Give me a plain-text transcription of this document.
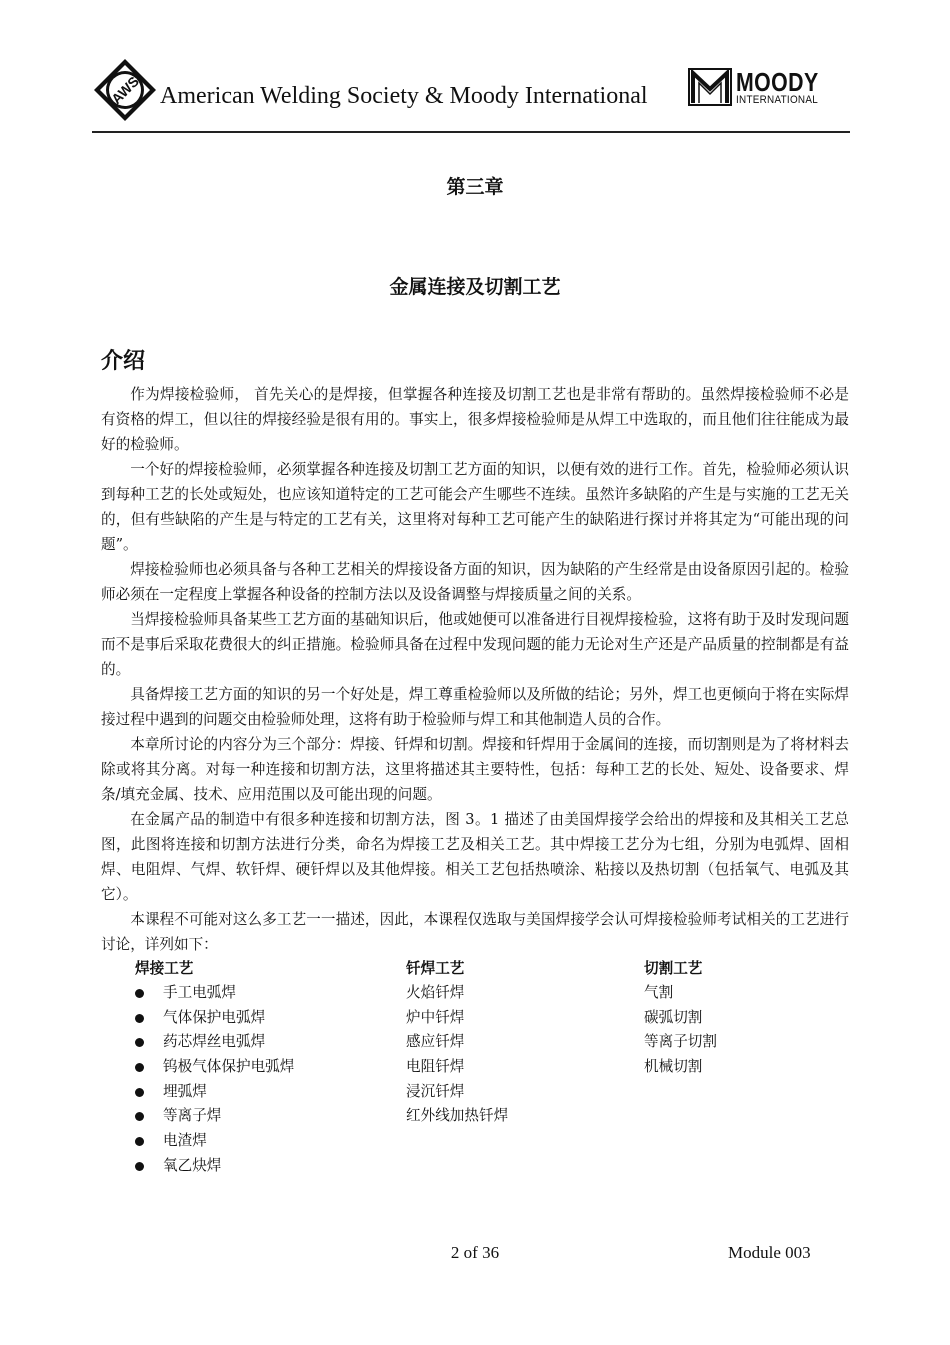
AWS American Welding Society & Moody International	MOODY
INTERNATIONAL
第三章
金属连接及切割工艺
介绍

作为焊接检验师， 首先关心的是焊接，但掌握各种连接及切割工艺也是非常有帮助的。虽然焊接检验师不必是有资格的焊工，但以往的焊接经验是很有用的。事实上，很多焊接检验师是从焊工中选取的，而且他们往往能成为最好的检验师。

一个好的焊接检验师，必须掌握各种连接及切割工艺方面的知识，以便有效的进行工作。首先，检验师必须认识到每种工艺的长处或短处，也应该知道特定的工艺可能会产生哪些不连续。虽然许多缺陷的产生是与实施的工艺无关的，但有些缺陷的产生是与特定的工艺有关，这里将对每种工艺可能产生的缺陷进行探讨并将其定为“可能出现的问题”。

焊接检验师也必须具备与各种工艺相关的焊接设备方面的知识，因为缺陷的产生经常是由设备原因引起的。检验师必须在一定程度上掌握各种设备的控制方法以及设备调整与焊接质量之间的关系。

当焊接检验师具备某些工艺方面的基础知识后，他或她便可以准备进行目视焊接检验，这将有助于及时发现问题而不是事后采取花费很大的纠正措施。检验师具备在过程中发现问题的能力无论对生产还是产品质量的控制都是有益的。

具备焊接工艺方面的知识的另一个好处是，焊工尊重检验师以及所做的结论；另外，焊工也更倾向于将在实际焊接过程中遇到的问题交由检验师处理，这将有助于检验师与焊工和其他制造人员的合作。

本章所讨论的内容分为三个部分：焊接、钎焊和切割。焊接和钎焊用于金属间的连接，而切割则是为了将材料去除或将其分离。对每一种连接和切割方法，这里将描述其主要特性，包括：每种工艺的长处、短处、设备要求、焊条/填充金属、技术、应用范围以及可能出现的问题。

在金属产品的制造中有很多种连接和切割方法，图 3。1 描述了由美国焊接学会给出的焊接和及其相关工艺总图，此图将连接和切割方法进行分类，命名为焊接工艺及相关工艺。其中焊接工艺分为七组，分别为电弧焊、固相焊、电阻焊、气焊、软钎焊、硬钎焊以及其他焊接。相关工艺包括热喷涂、粘接以及热切割（包括氧气、电弧及其它）。

本课程不可能对这么多工艺一一描述，因此，本课程仅选取与美国焊接学会认可焊接检验师考试相关的工艺进行讨论，详列如下：

焊接工艺
手工电弧焊
气体保护电弧焊
药芯焊丝电弧焊
钨极气体保护电弧焊
埋弧焊
等离子焊
电渣焊
氧乙炔焊
钎焊工艺
火焰钎焊
炉中钎焊
感应钎焊
电阻钎焊
浸沉钎焊
红外线加热钎焊
切割工艺
气割
碳弧切割
等离子切割
机械切割
2 of 36	Module 003
